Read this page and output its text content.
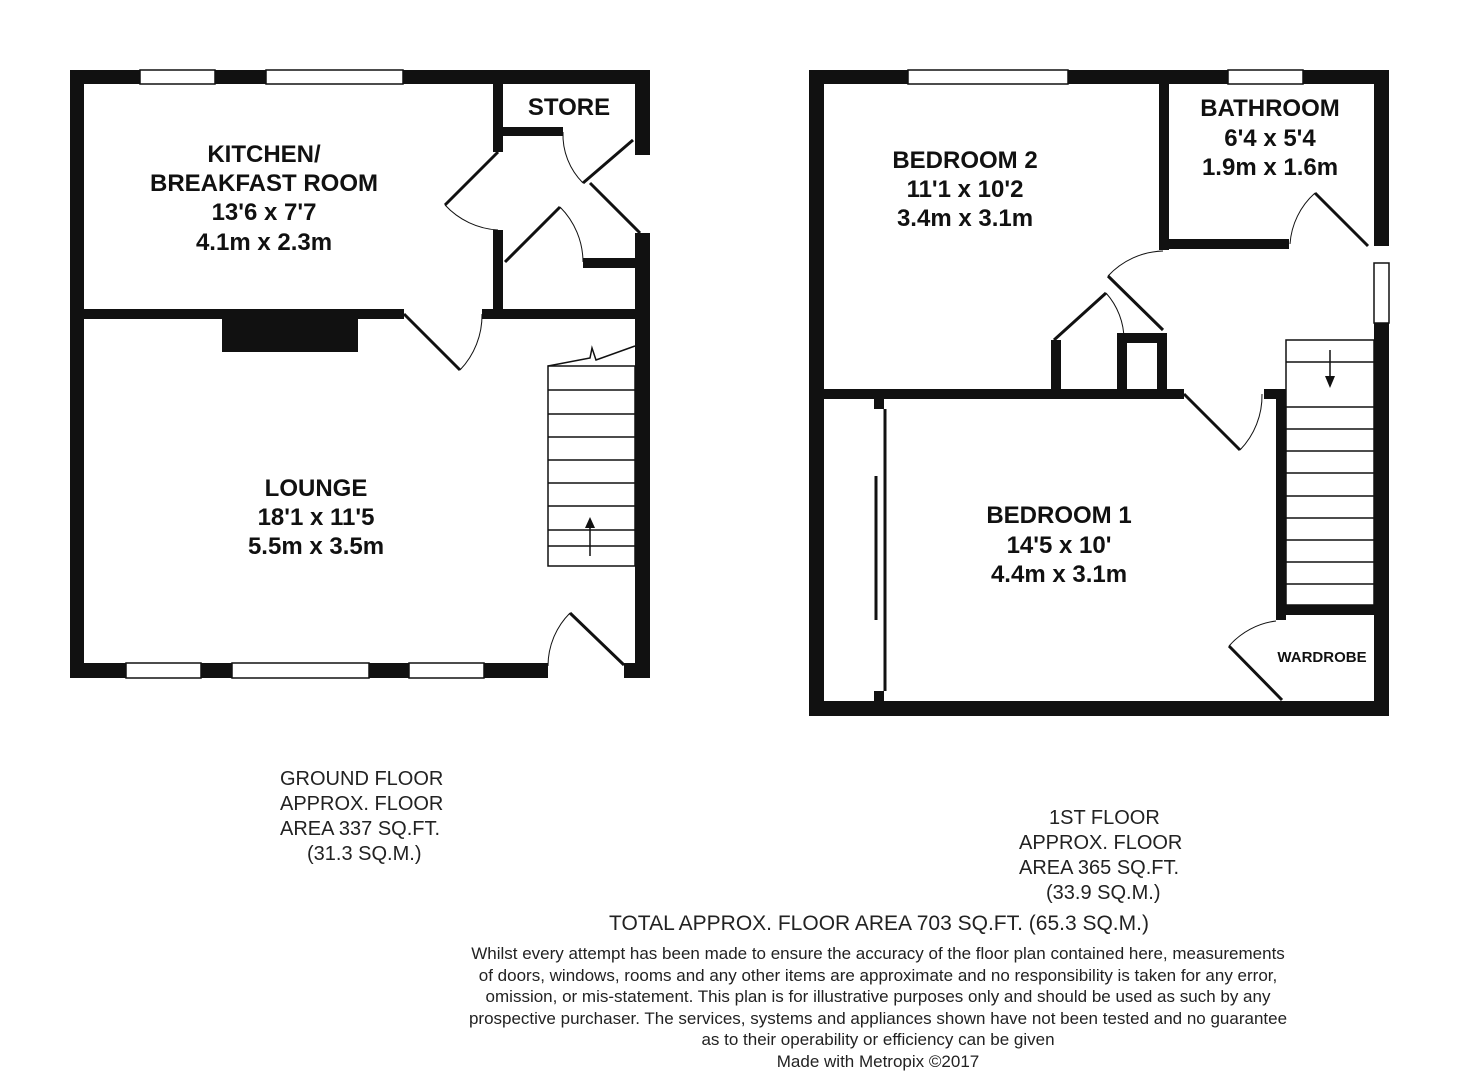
KITCHEN/
BREAKFAST ROOM
13'6 x 7'7
4.1m x 2.3m
STORE
LOUNGE
18'1 x 11'5
5.5m x 3.5m
BEDROOM 2
11'1 x 10'2
3.4m x 3.1m
BATHROOM
6'4 x 5'4
1.9m x 1.6m
BEDROOM 1
14'5 x 10'
4.4m x 3.1m
WARDROBE
GROUND FLOOR
APPROX. FLOOR
AREA 337 SQ.FT.
(31.3 SQ.M.)
1ST FLOOR
APPROX. FLOOR
AREA 365 SQ.FT.
(33.9 SQ.M.)
TOTAL APPROX. FLOOR AREA 703 SQ.FT. (65.3 SQ.M.)
Whilst every attempt has been made to ensure the accuracy of the floor plan contained here, measurements
of doors, windows, rooms and any other items are approximate and no responsibility is taken for any error,
omission, or mis-statement. This plan is for illustrative purposes only and should be used as such by any
prospective purchaser. The services, systems and appliances shown have not been tested and no guarantee
as to their operability or efficiency can be given
Made with Metropix ©2017
